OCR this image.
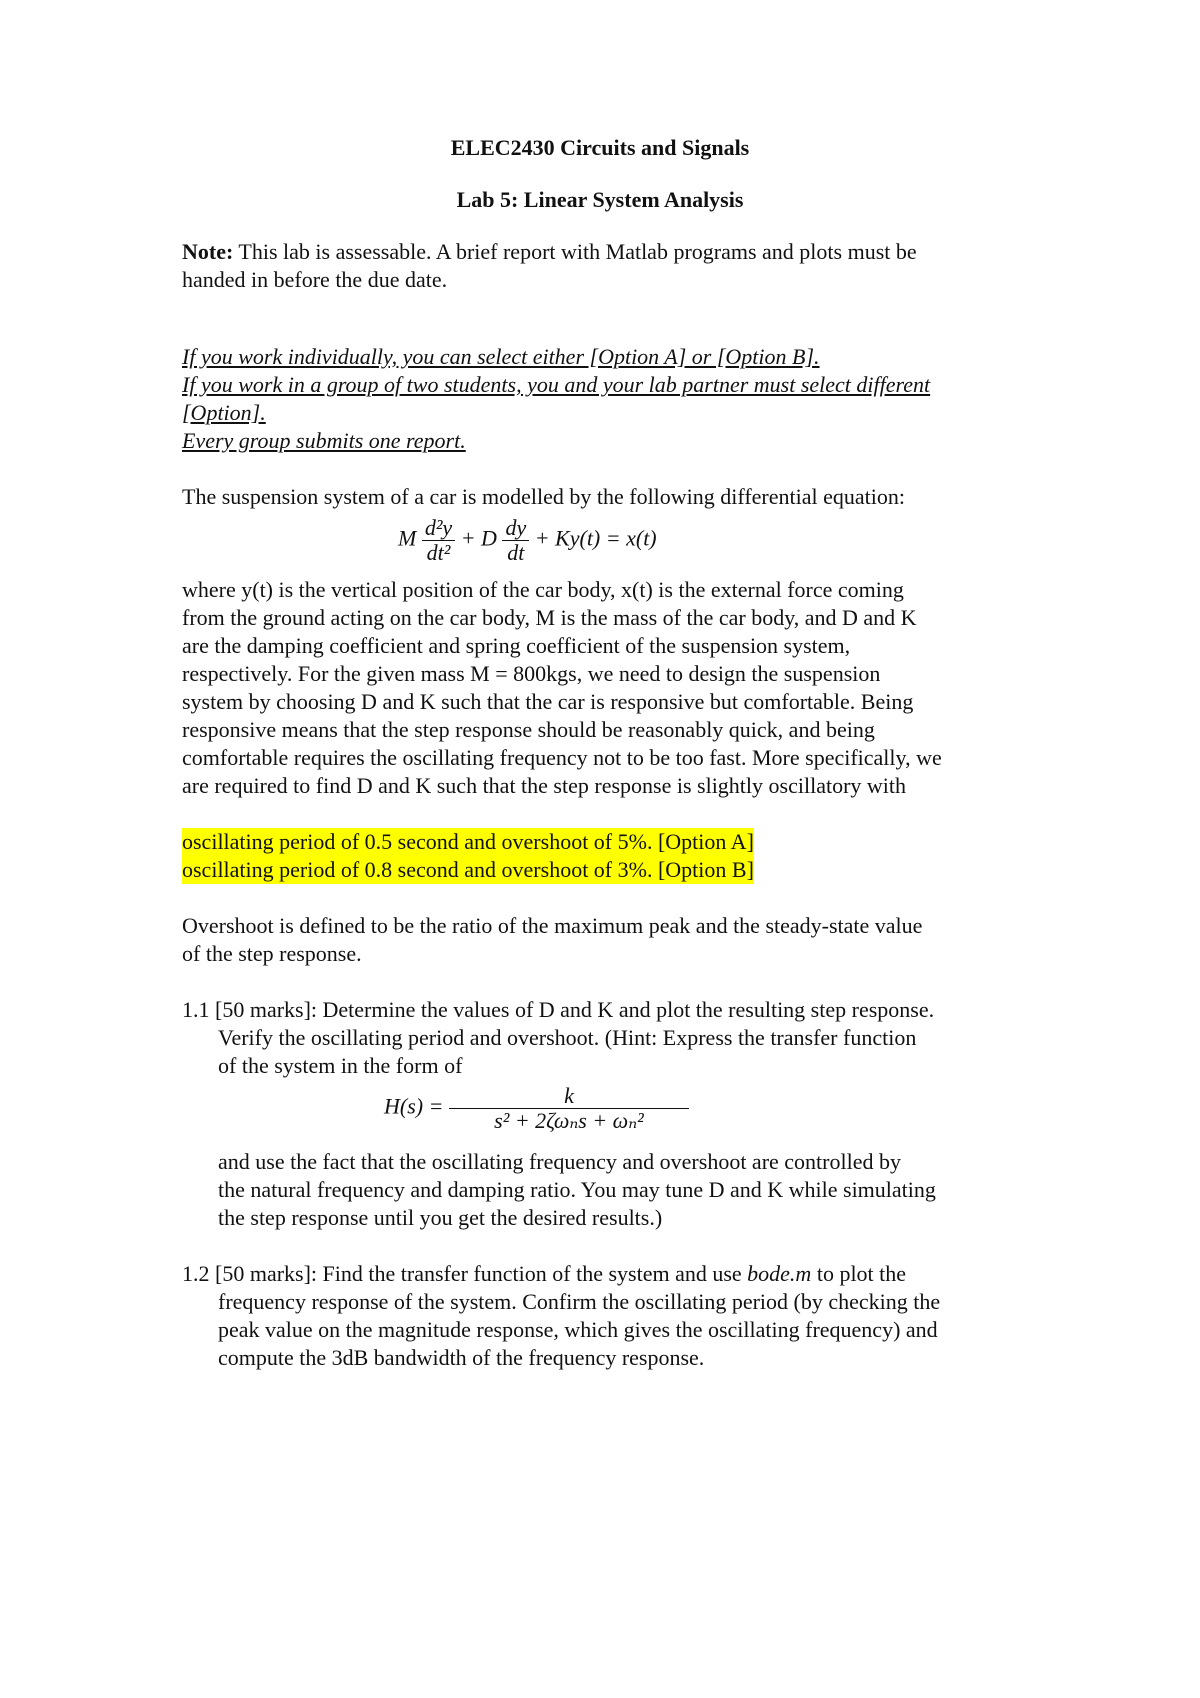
ELEC2430 Circuits and Signals
Lab 5: Linear System Analysis
Note: This lab is assessable. A brief report with Matlab programs and plots must be
handed in before the due date.
If you work individually, you can select either [Option A] or [Option B].
If you work in a group of two students, you and your lab partner must select different
[Option].
Every group submits one report.
The suspension system of a car is modelled by the following differential equation:
M $\frac{\text{d²y}}{\text{dt²}} + D \frac{dy}{dt} + Ky(t) = x(t)$
where y(t) is the vertical position of the car body, x(t) is the external force coming
from the ground acting on the car body, M is the mass of the car body, and D and K
are the damping coefficient and spring coefficient of the suspension system,
respectively. For the given mass M = 800kgs, we need to design the suspension
system by choosing D and K such that the car is responsive but comfortable. Being
responsive means that the step response should be reasonably quick, and being
comfortable requires the oscillating frequency not to be too fast. More specifically, we
are required to find D and K such that the step response is slightly oscillatory with
oscillating period of 0.5 second and overshoot of 5%. [Option A]
oscillating period of 0.8 second and overshoot of 3%. [Option B]
Overshoot is defined to be the ratio of the maximum peak and the steady-state value
of the step response.
1.1 [50 marks]: Determine the values of D and K and plot the resulting step response.
Verify the oscillating period and overshoot. (Hint: Express the transfer function
of the system in the form of
$H(s) = \frac{k}{\text{s² + 2ζωₙs + ωₙ²}}$
and use the fact that the oscillating frequency and overshoot are controlled by
the natural frequency and damping ratio. You may tune D and K while simulating
the step response until you get the desired results.)
1.2 [50 marks]: Find the transfer function of the system and use bode.m to plot the
frequency response of the system. Confirm the oscillating period (by checking the
peak value on the magnitude response, which gives the oscillating frequency) and
compute the 3dB bandwidth of the frequency response.
